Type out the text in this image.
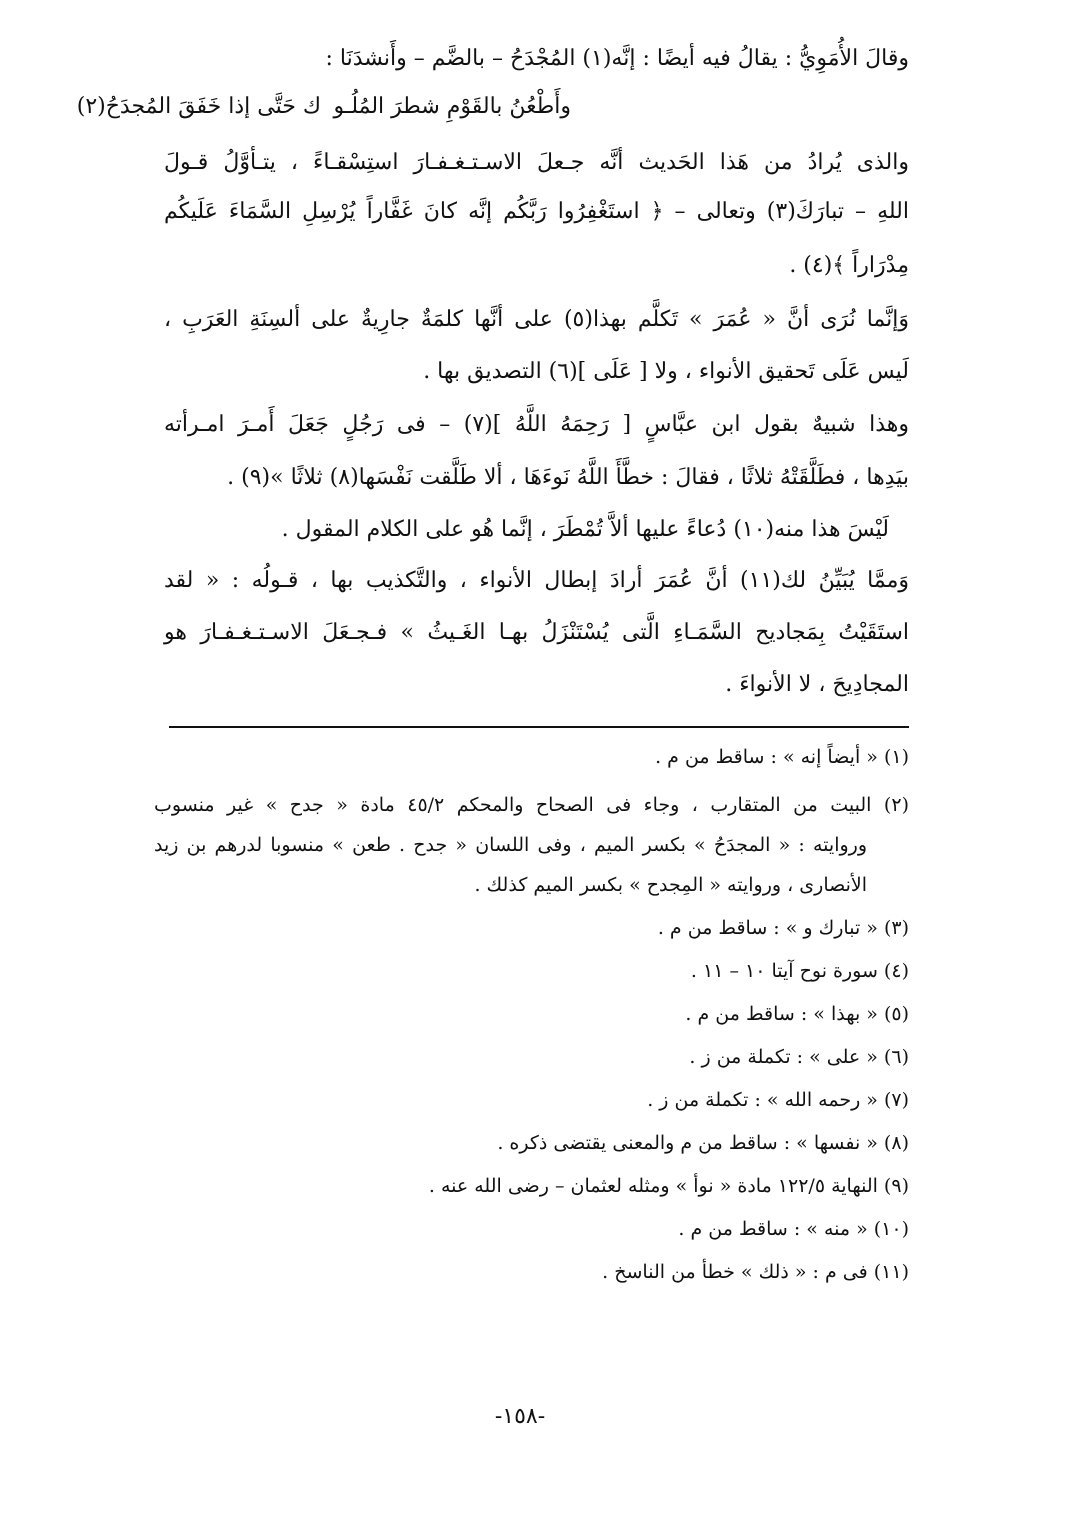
وقالَ الأُمَوِيُّ : يقالُ فيه أيضًا : إنَّه(١) المُجْدَحُ – بالضَّم – وأَنشدَنَا :
وأَطْعُنُ بالقَوْمِ شطرَ المُلُـو
ك حَتَّى إذا خَفَقَ المُجدَحُ(٢)
والذى يُرادُ من هَذا الحَديث أنَّه جـعلَ الاسـتـغـفـارَ استِسْقـاءً ، يتـأوَّلُ قـولَ
اللهِ – تبارَكَ(٣) وتعالى – ﴿ استَغْفِرُوا رَبَّكُم إنَّه كانَ غَفَّاراً يُرْسِلِ السَّمَاءَ عَلَيكُم
مِدْرَاراً ﴾(٤) .
وَإنَّما نُرَى أنَّ « عُمَرَ » تَكلَّم بهذا(٥) على أنَّها كلمَةٌ جارِيةٌ على ألسِنَةِ العَرَبِ ،
لَيس عَلَى تَحقيق الأنواء ، ولا [ عَلَى ](٦) التصديق بها .
وهذا شبيهٌ بقول ابن عبَّاسٍ [ رَحِمَهُ اللَّهُ ](٧) – فى رَجُلٍ جَعَلَ أَمـرَ امـرأته
بيَدِها ، فطَلَّقَتْهُ ثلاثًا ، فقالَ : خطَّأَ اللَّهُ نَوءَهَا ، ألا طَلَّقت نَفْسَها(٨) ثلاثًا »(٩) .
لَيْسَ هذا منه(١٠) دُعاءً عليها ألاَّ تُمْطَرَ ، إنَّما هُو على الكلام المقول .
وَممَّا يُبَيِّنُ لك(١١) أنَّ عُمَرَ أرادَ إبطال الأنواء ، والتَّكذيب بها ، قـولُه : « لقد
استَقَيْتُ بِمَجاديح السَّمَـاءِ الَّتى يُسْتَنْزَلُ بهـا الغَـيثُ » فـجـعَلَ الاسـتـغـفـارَ هو
المجادِيحَ ، لا الأنواءَ .
(١) « أيضاً إنه » : ساقط من م .
(٢) البيت من المتقارب ، وجاء فى الصحاح والمحكم ٤٥/٢ مادة « جدح » غير منسوب
وروايته : « المجدَحُ » بكسر الميم ، وفى اللسان « جدح . طعن » منسوبا لدرهم بن زيد
الأنصارى ، وروايته « المِجدح » بكسر الميم كذلك .
(٣) « تبارك و » : ساقط من م .
(٤) سورة نوح آيتا ١٠ – ١١ .
(٥) « بهذا » : ساقط من م .
(٦) « على » : تكملة من ز .
(٧) « رحمه الله » : تكملة من ز .
(٨) « نفسها » : ساقط من م والمعنى يقتضى ذكره .
(٩) النهاية ١٢٢/٥ مادة « نوأ » ومثله لعثمان – رضى الله عنه .
(١٠) « منه » : ساقط من م .
(١١) فى م : « ذلك » خطأ من الناسخ .
-١٥٨-
